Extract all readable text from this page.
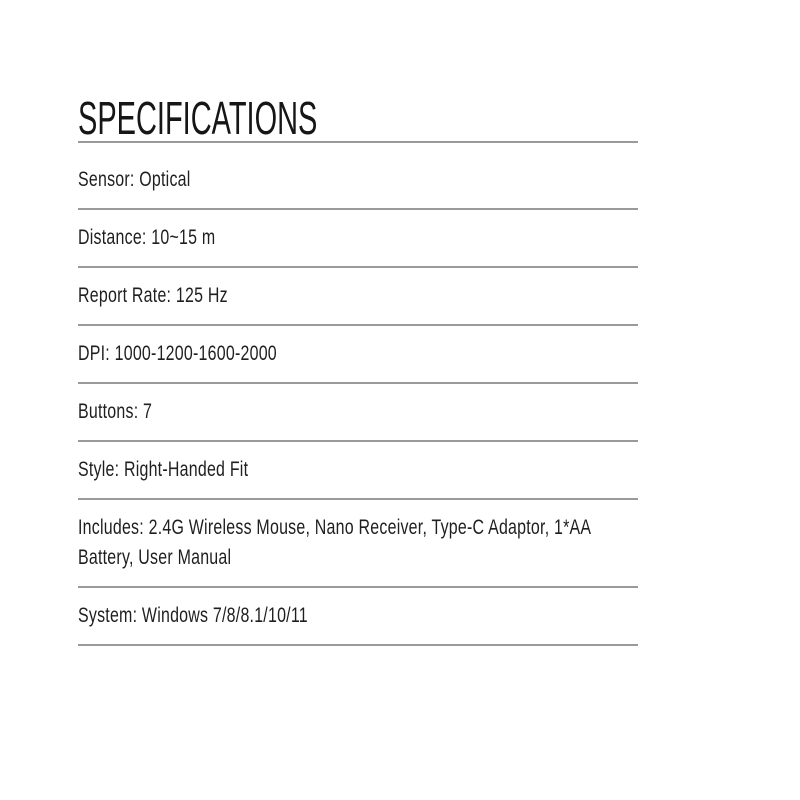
SPECIFICATIONS
Sensor: Optical
Distance: 10~15 m
Report Rate: 125 Hz
DPI: 1000-1200-1600-2000
Buttons: 7
Style: Right-Handed Fit
Includes: 2.4G Wireless Mouse, Nano Receiver, Type-C Adaptor, 1*AA
Battery, User Manual
System: Windows 7/8/8.1/10/11
